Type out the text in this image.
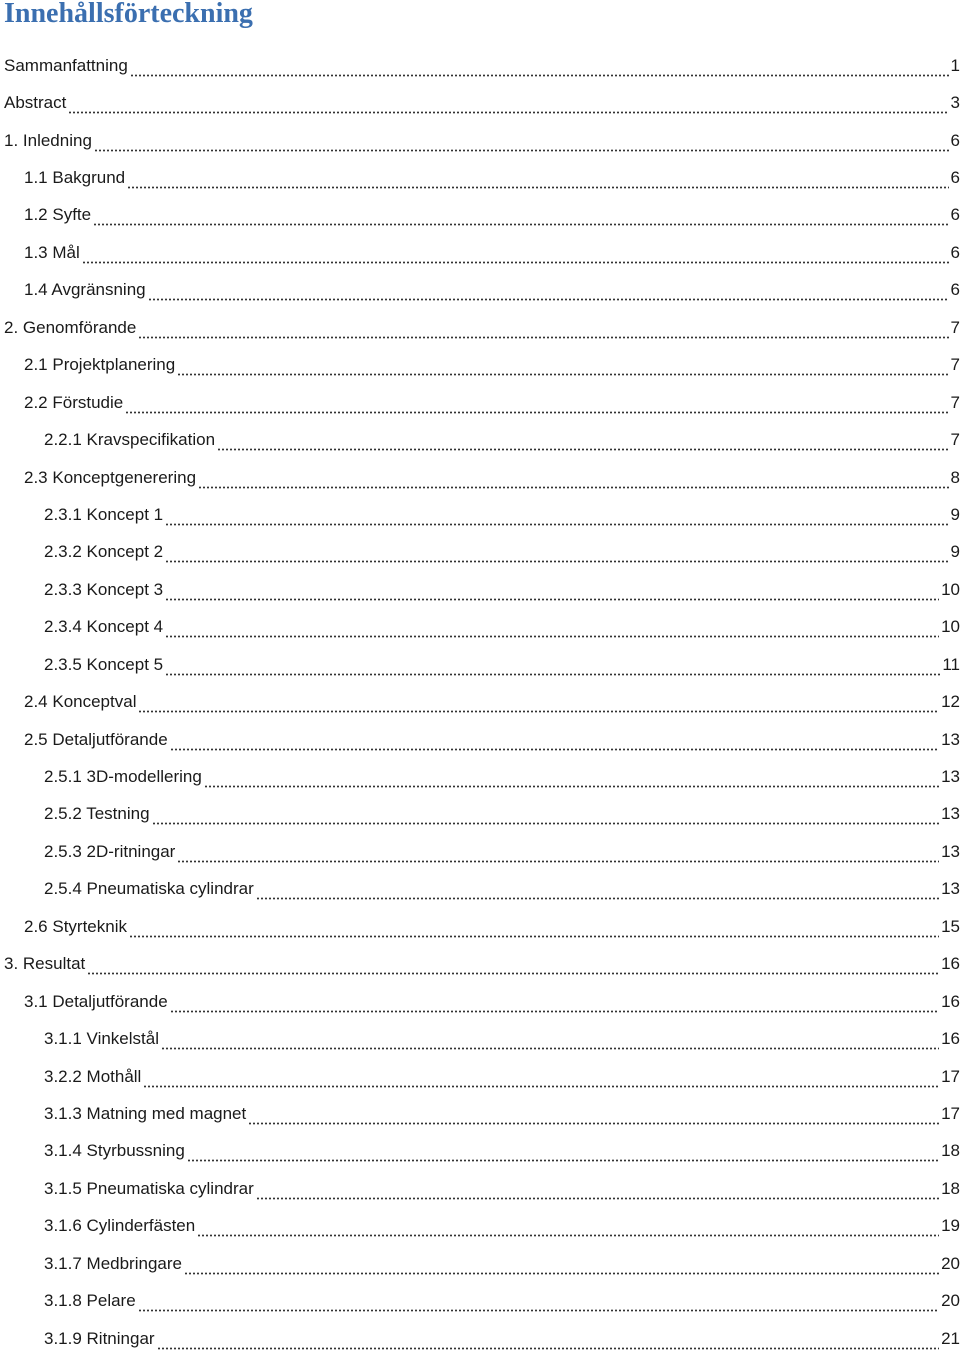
Innehållsförteckning
Sammanfattning	1
Abstract	3
1. Inledning	6
1.1 Bakgrund	6
1.2 Syfte	6
1.3 Mål	6
1.4 Avgränsning	6
2. Genomförande	7
2.1 Projektplanering	7
2.2 Förstudie	7
2.2.1 Kravspecifikation	7
2.3 Konceptgenerering	8
2.3.1 Koncept 1	9
2.3.2 Koncept 2	9
2.3.3 Koncept 3	10
2.3.4 Koncept 4	10
2.3.5 Koncept 5	11
2.4 Konceptval	12
2.5 Detaljutförande	13
2.5.1 3D-modellering	13
2.5.2 Testning	13
2.5.3 2D-ritningar	13
2.5.4 Pneumatiska cylindrar	13
2.6 Styrteknik	15
3. Resultat	16
3.1 Detaljutförande	16
3.1.1 Vinkelstål	16
3.2.2 Mothåll	17
3.1.3 Matning med magnet	17
3.1.4 Styrbussning	18
3.1.5 Pneumatiska cylindrar	18
3.1.6 Cylinderfästen	19
3.1.7 Medbringare	20
3.1.8 Pelare	20
3.1.9 Ritningar	21
